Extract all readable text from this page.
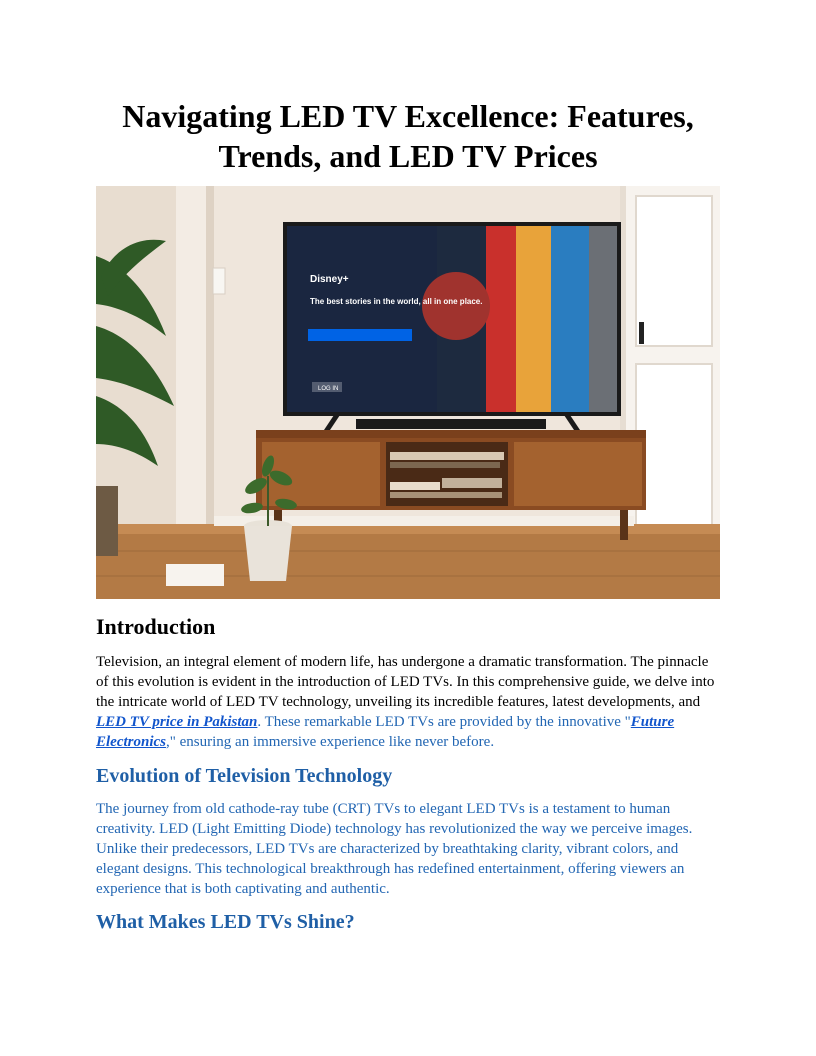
Navigating LED TV Excellence: Features, Trends, and LED TV Prices
Disney+
The best stories in the world, all in one place.
LOG IN
Introduction

Television, an integral element of modern life, has undergone a dramatic transformation. The pinnacle of this evolution is evident in the introduction of LED TVs. In this comprehensive guide, we delve into the intricate world of LED TV technology, unveiling its incredible features, latest developments, and LED TV price in Pakistan. These remarkable LED TVs are provided by the innovative "Future Electronics," ensuring an immersive experience like never before.

Evolution of Television Technology

The journey from old cathode-ray tube (CRT) TVs to elegant LED TVs is a testament to human creativity. LED (Light Emitting Diode) technology has revolutionized the way we perceive images. Unlike their predecessors, LED TVs are characterized by breathtaking clarity, vibrant colors, and elegant designs. This technological breakthrough has redefined entertainment, offering viewers an experience that is both captivating and authentic.

What Makes LED TVs Shine?
